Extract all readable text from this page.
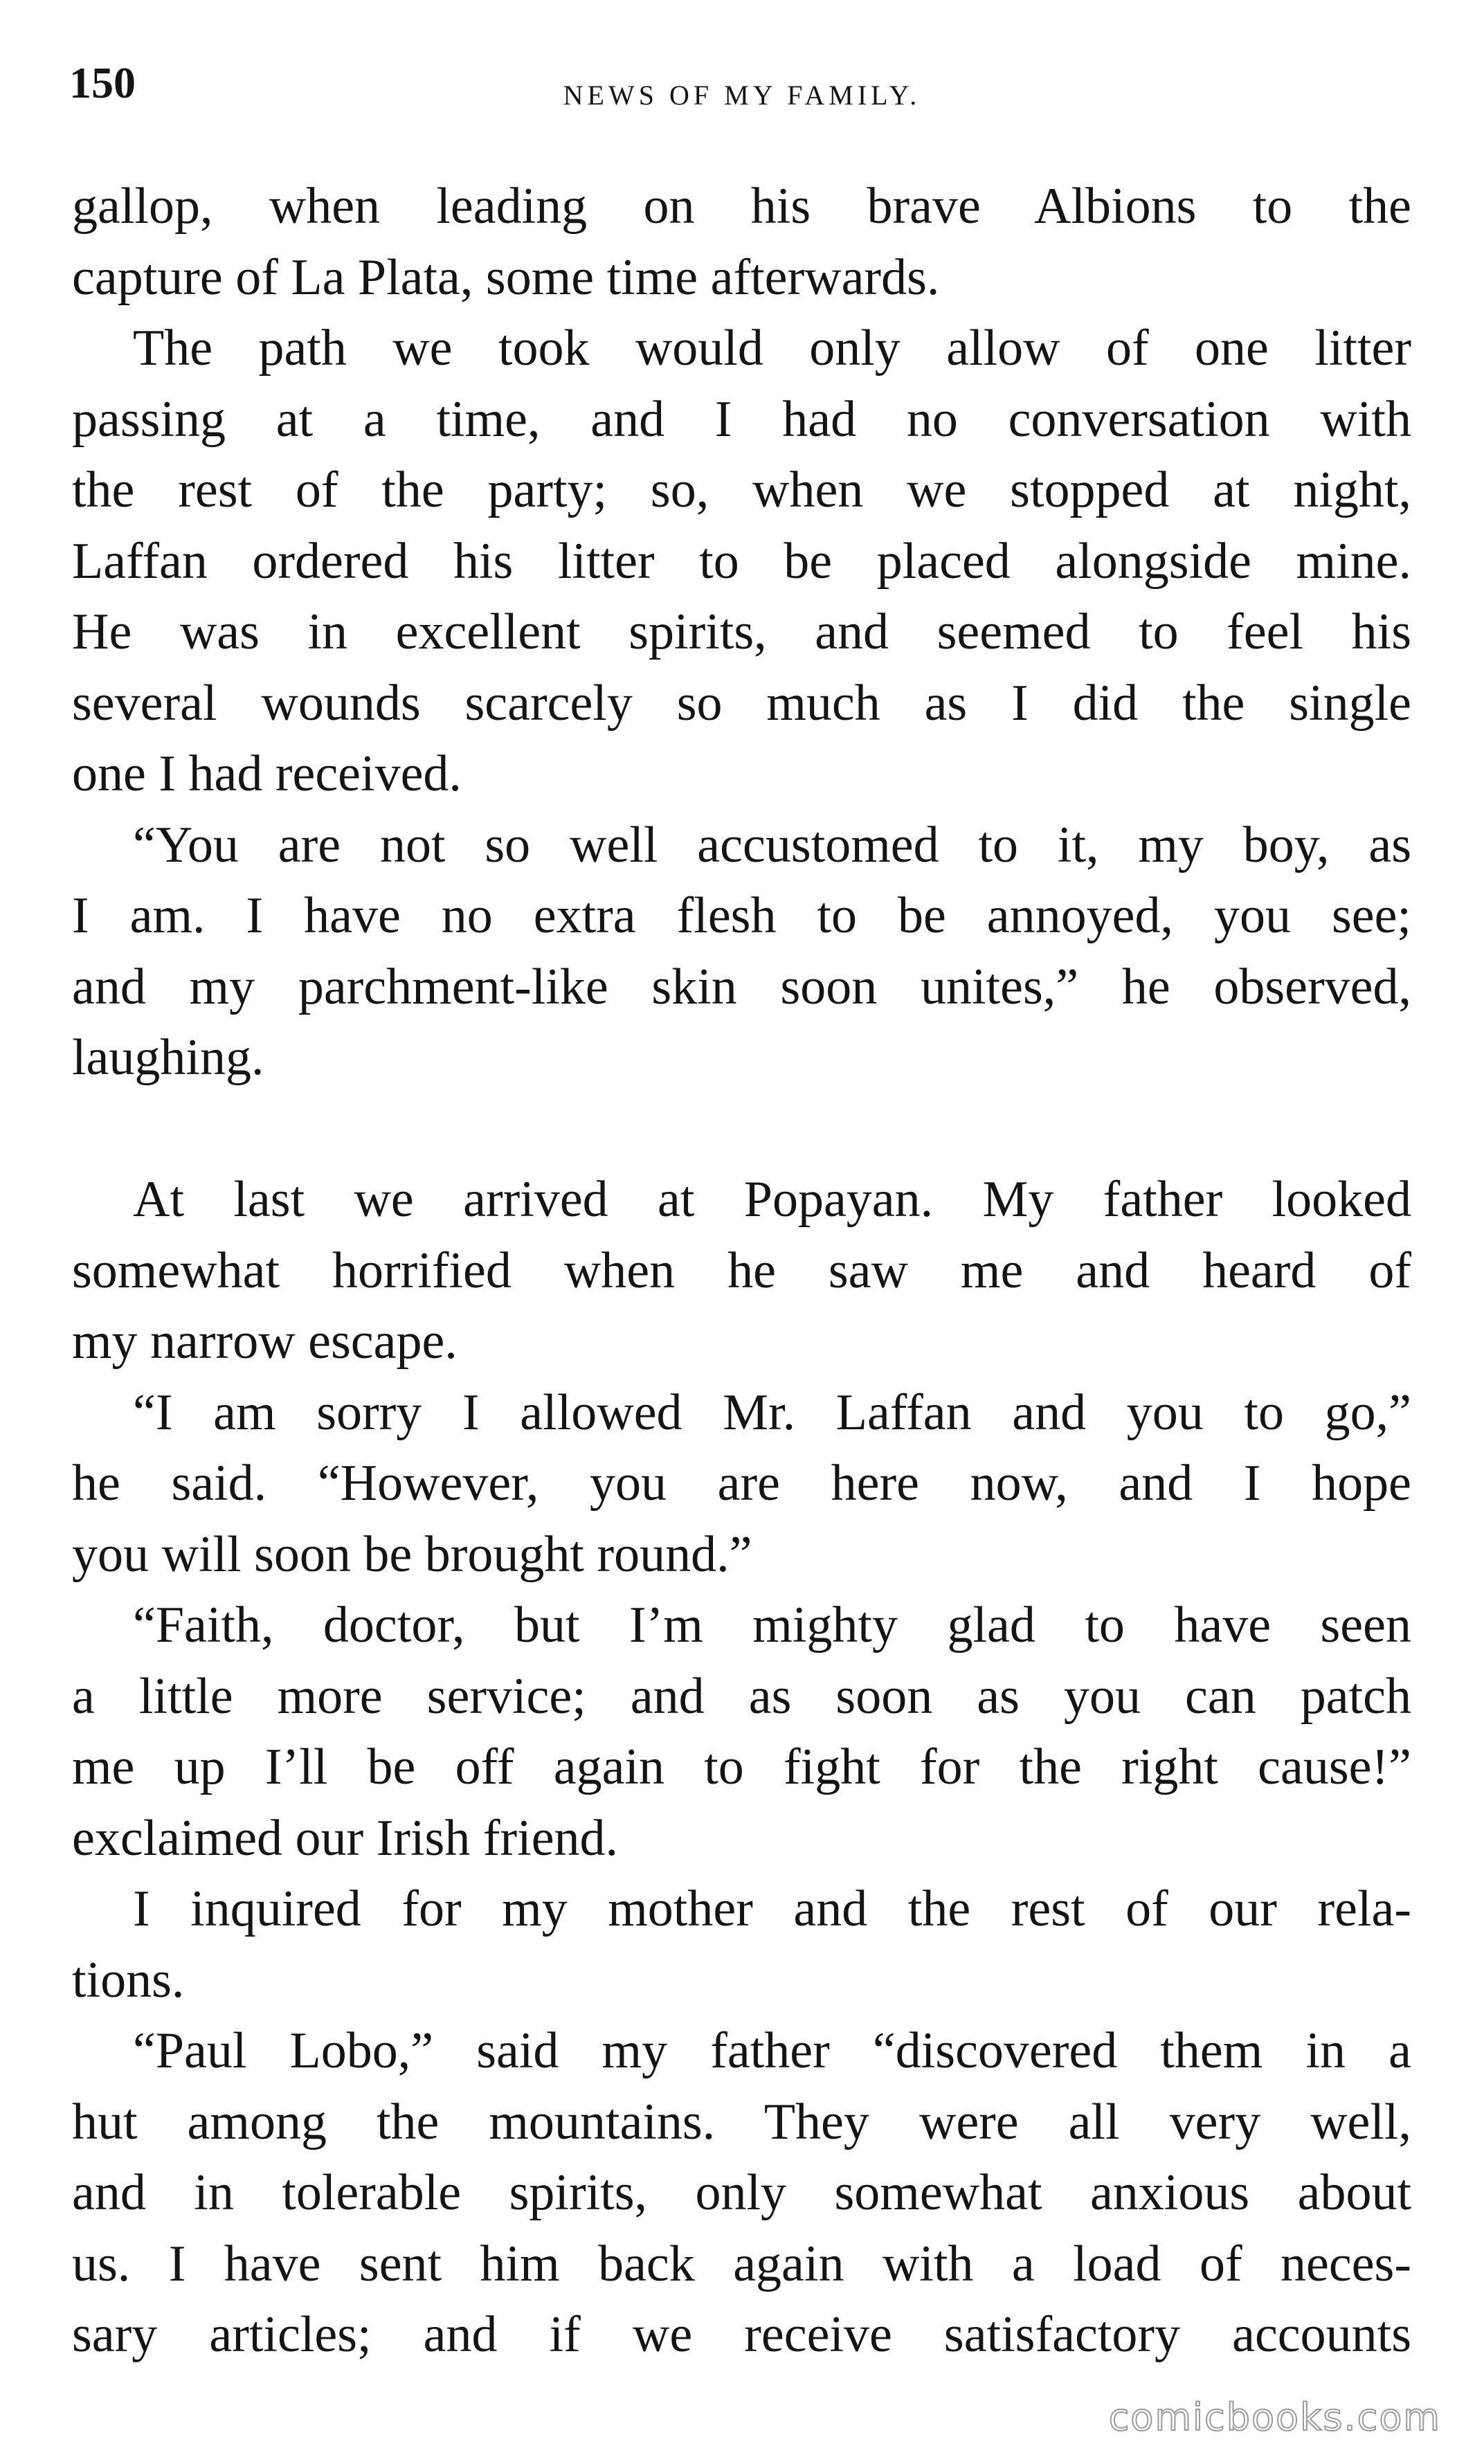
150	NEWS OF MY FAMILY.
gallop, when leading on his brave Albions to the
capture of La Plata, some time afterwards.
The path we took would only allow of one litter
passing at a time, and I had no conversation with
the rest of the party; so, when we stopped at night,
Laffan ordered his litter to be placed alongside mine.
He was in excellent spirits, and seemed to feel his
several wounds scarcely so much as I did the single
one I had received.
“You are not so well accustomed to it, my boy, as
I am. I have no extra flesh to be annoyed, you see;
and my parchment-like skin soon unites,” he observed,
laughing.
At last we arrived at Popayan. My father looked
somewhat horrified when he saw me and heard of
my narrow escape.
“I am sorry I allowed Mr. Laffan and you to go,”
he said. “However, you are here now, and I hope
you will soon be brought round.”
“Faith, doctor, but I’m mighty glad to have seen
a little more service; and as soon as you can patch
me up I’ll be off again to fight for the right cause!”
exclaimed our Irish friend.
I inquired for my mother and the rest of our rela-
tions.
“Paul Lobo,” said my father “discovered them in a
hut among the mountains. They were all very well,
and in tolerable spirits, only somewhat anxious about
us. I have sent him back again with a load of neces-
sary articles; and if we receive satisfactory accounts
comicbooks.com
